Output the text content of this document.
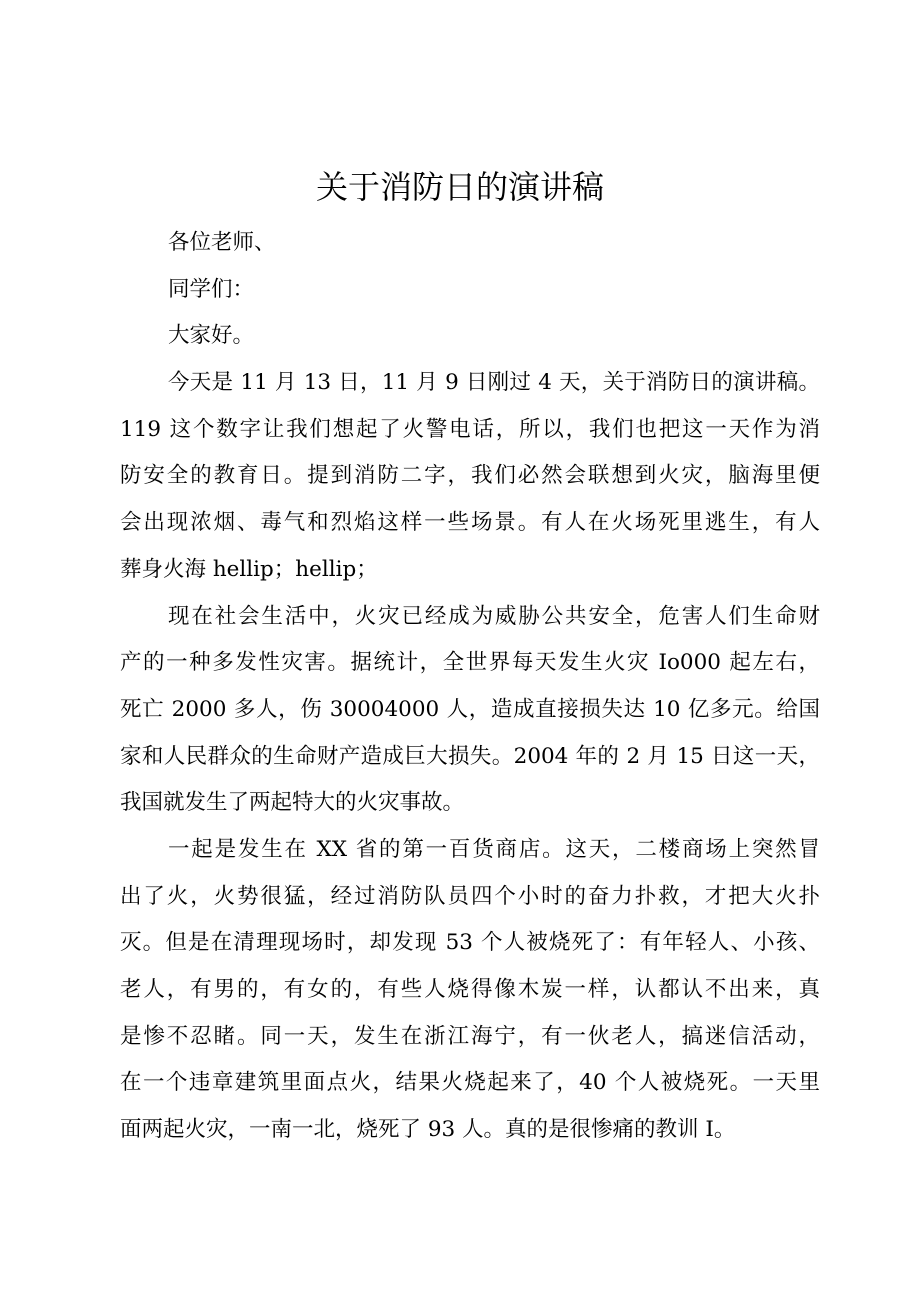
关于消防日的演讲稿
各位老师、
同学们：
大家好。
今天是 11 月 13 日，11 月 9 日刚过 4 天，关于消防日的演讲稿。
119 这个数字让我们想起了火警电话，所以，我们也把这一天作为消
防安全的教育日。提到消防二字，我们必然会联想到火灾，脑海里便
会出现浓烟、毒气和烈焰这样一些场景。有人在火场死里逃生，有人
葬身火海 hellip；hellip；
现在社会生活中，火灾已经成为威胁公共安全，危害人们生命财
产的一种多发性灾害。据统计，全世界每天发生火灾 Io000 起左右，
死亡 2000 多人，伤 30004000 人，造成直接损失达 10 亿多元。给国
家和人民群众的生命财产造成巨大损失。2004 年的 2 月 15 日这一天，
我国就发生了两起特大的火灾事故。
一起是发生在 XX 省的第一百货商店。这天，二楼商场上突然冒
出了火，火势很猛，经过消防队员四个小时的奋力扑救，才把大火扑
灭。但是在清理现场时，却发现 53 个人被烧死了：有年轻人、小孩、
老人，有男的，有女的，有些人烧得像木炭一样，认都认不出来，真
是惨不忍睹。同一天，发生在浙江海宁，有一伙老人，搞迷信活动，
在一个违章建筑里面点火，结果火烧起来了，40 个人被烧死。一天里
面两起火灾，一南一北，烧死了 93 人。真的是很惨痛的教训 I。
